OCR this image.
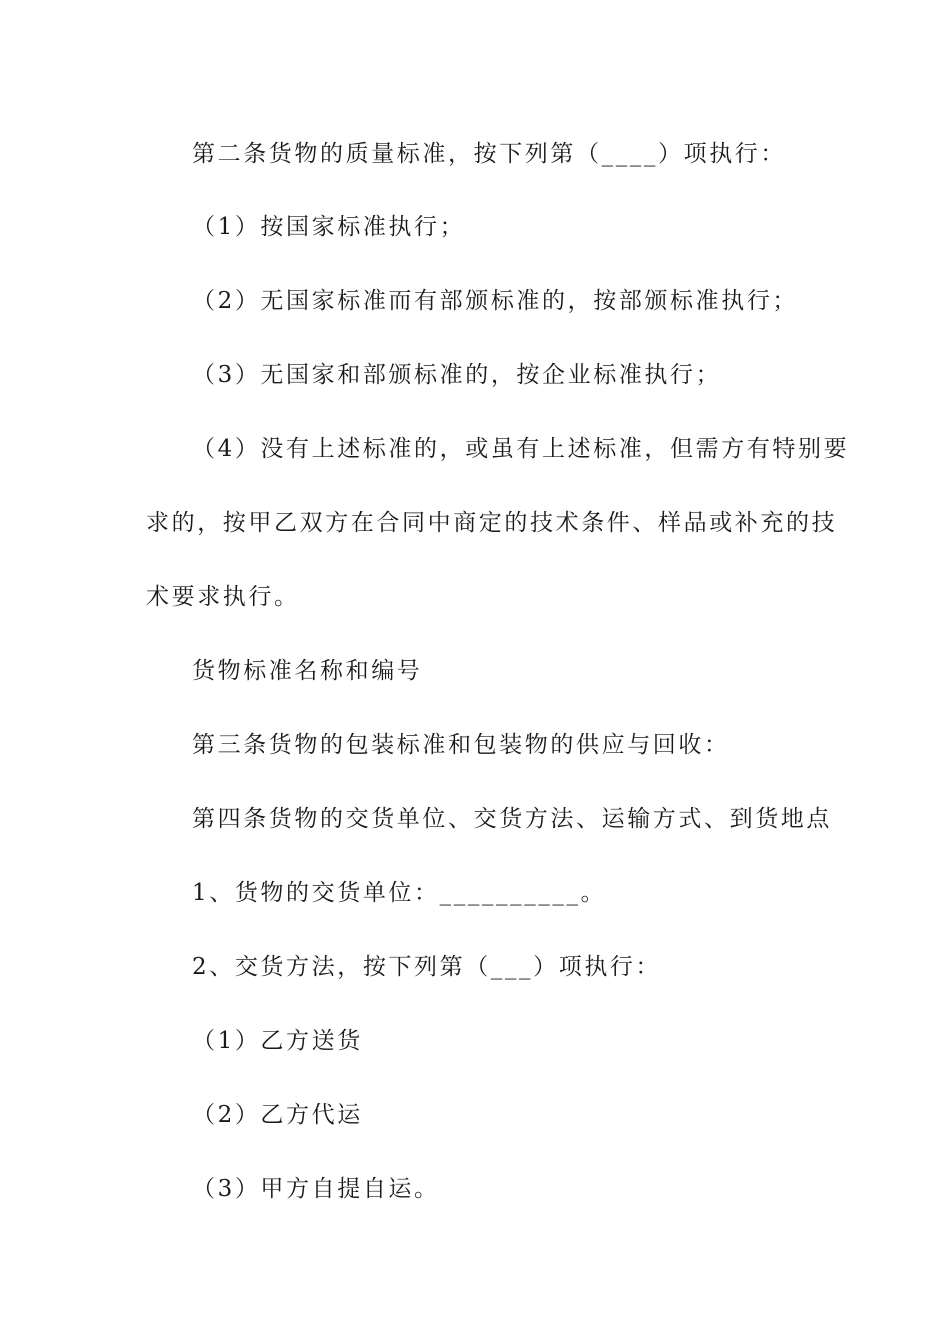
第二条货物的质量标准，按下列第（____）项执行：
（1）按国家标准执行；
（2）无国家标准而有部颁标准的，按部颁标准执行；
（3）无国家和部颁标准的，按企业标准执行；
（4）没有上述标准的，或虽有上述标准，但需方有特别要
求的，按甲乙双方在合同中商定的技术条件、样品或补充的技
术要求执行。
货物标准名称和编号
第三条货物的包装标准和包装物的供应与回收：
第四条货物的交货单位、交货方法、运输方式、到货地点
1、货物的交货单位：__________。
2、交货方法，按下列第（___）项执行：
（1）乙方送货
（2）乙方代运
（3）甲方自提自运。
